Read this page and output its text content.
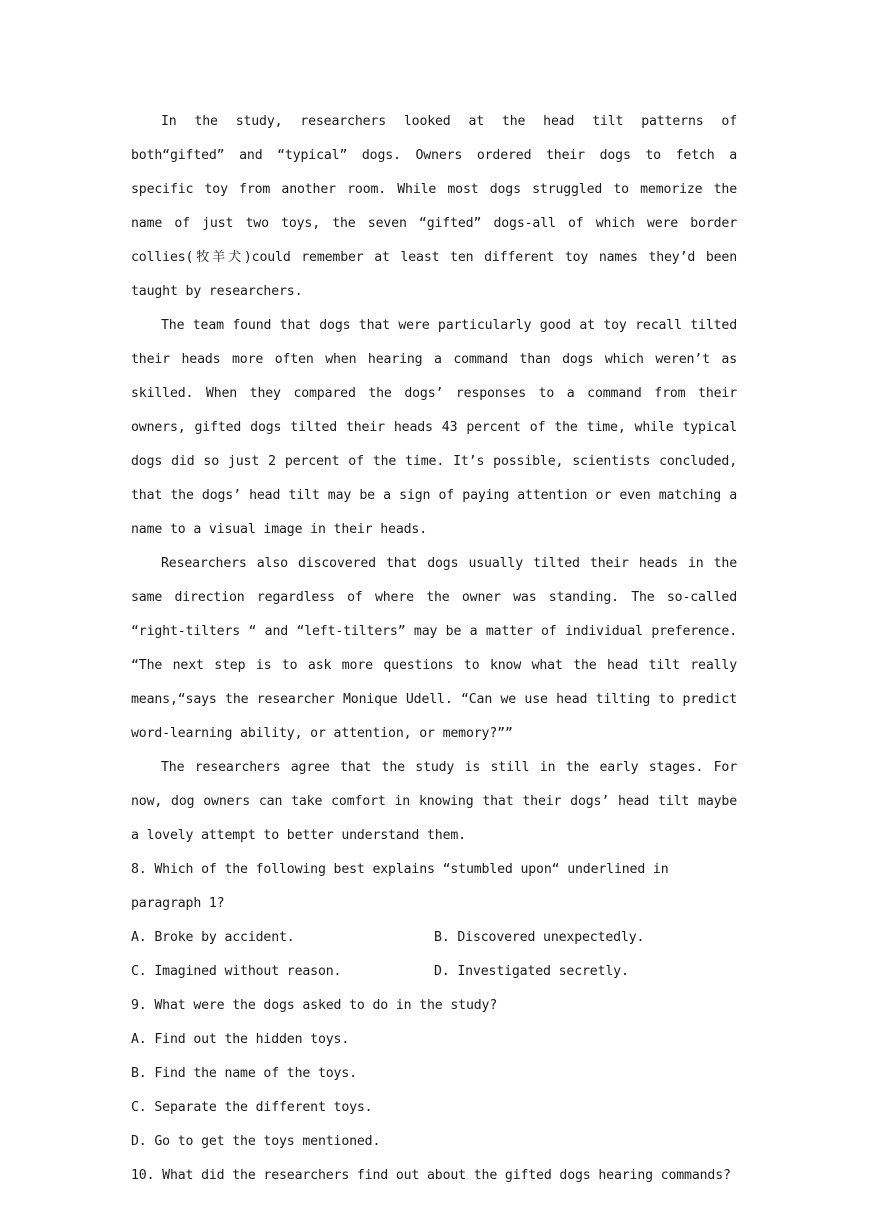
In the study, researchers looked at the head tilt patterns of both“gifted” and “typical” dogs. Owners ordered their dogs to fetch a specific toy from another room. While most dogs struggled to memorize the name of just two toys, the seven “gifted” dogs-all of which were border collies(牧羊犬)could remember at least ten different toy names they’d been taught by researchers.

The team found that dogs that were particularly good at toy recall tilted their heads more often when hearing a command than dogs which weren’t as skilled. When they compared the dogs’ responses to a command from their owners, gifted dogs tilted their heads 43 percent of the time, while typical dogs did so just 2 percent of the time. It’s possible, scientists concluded, that the dogs’ head tilt may be a sign of paying attention or even matching a name to a visual image in their heads.

Researchers also discovered that dogs usually tilted their heads in the same direction regardless of where the owner was standing. The so-called “right-tilters “ and “left-tilters” may be a matter of individual preference. “The next step is to ask more questions to know what the head tilt really means,“says the researcher Monique Udell. “Can we use head tilting to predict word-learning ability, or attention, or memory?””

The researchers agree that the study is still in the early stages. For now, dog owners can take comfort in knowing that their dogs’ head tilt maybe a lovely attempt to better understand them.

8. Which of the following best explains “stumbled upon“ underlined in paragraph 1?

A. Broke by accident.	B. Discovered unexpectedly.
C. Imagined without reason.	D. Investigated secretly.

9. What were the dogs asked to do in the study?

A. Find out the hidden toys.
B. Find the name of the toys.
C. Separate the different toys.
D. Go to get the toys mentioned.

10. What did the researchers find out about the gifted dogs hearing commands?
